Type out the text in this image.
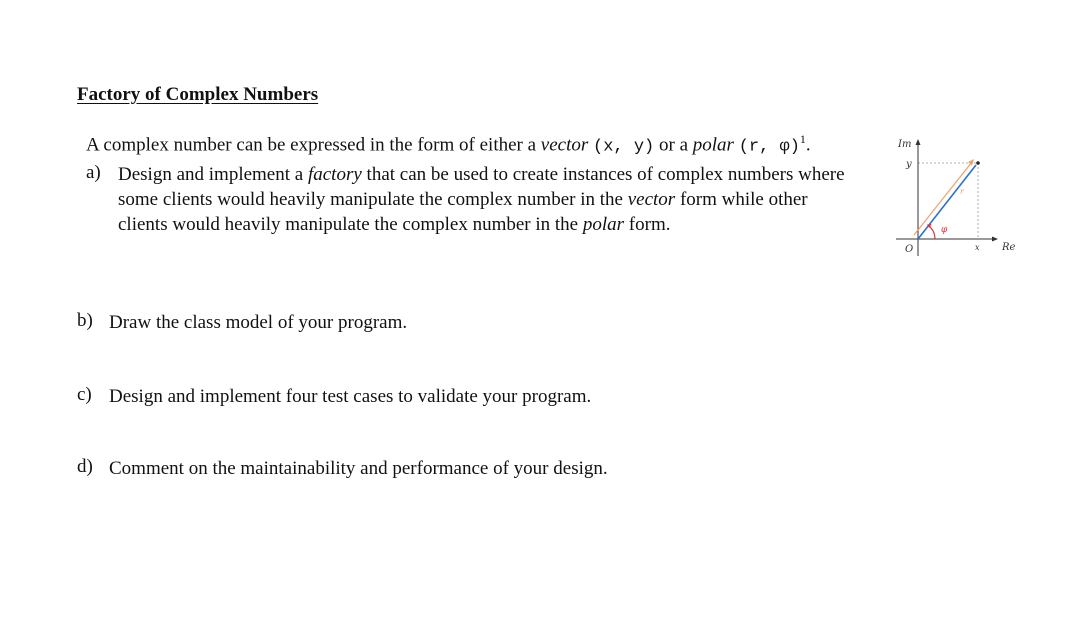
Factory of Complex Numbers
A complex number can be expressed in the form of either a vector (x, y) or a polar (r, φ)$^1$.
a) Design and implement a factory that can be used to create instances of complex numbers where some clients would heavily manipulate the complex number in the vector form while other clients would heavily manipulate the complex number in the polar form.
b) Draw the class model of your program.
c) Design and implement four test cases to validate your program.
d) Comment on the maintainability and performance of your design.
Im
y
r
φ
O	x Re
